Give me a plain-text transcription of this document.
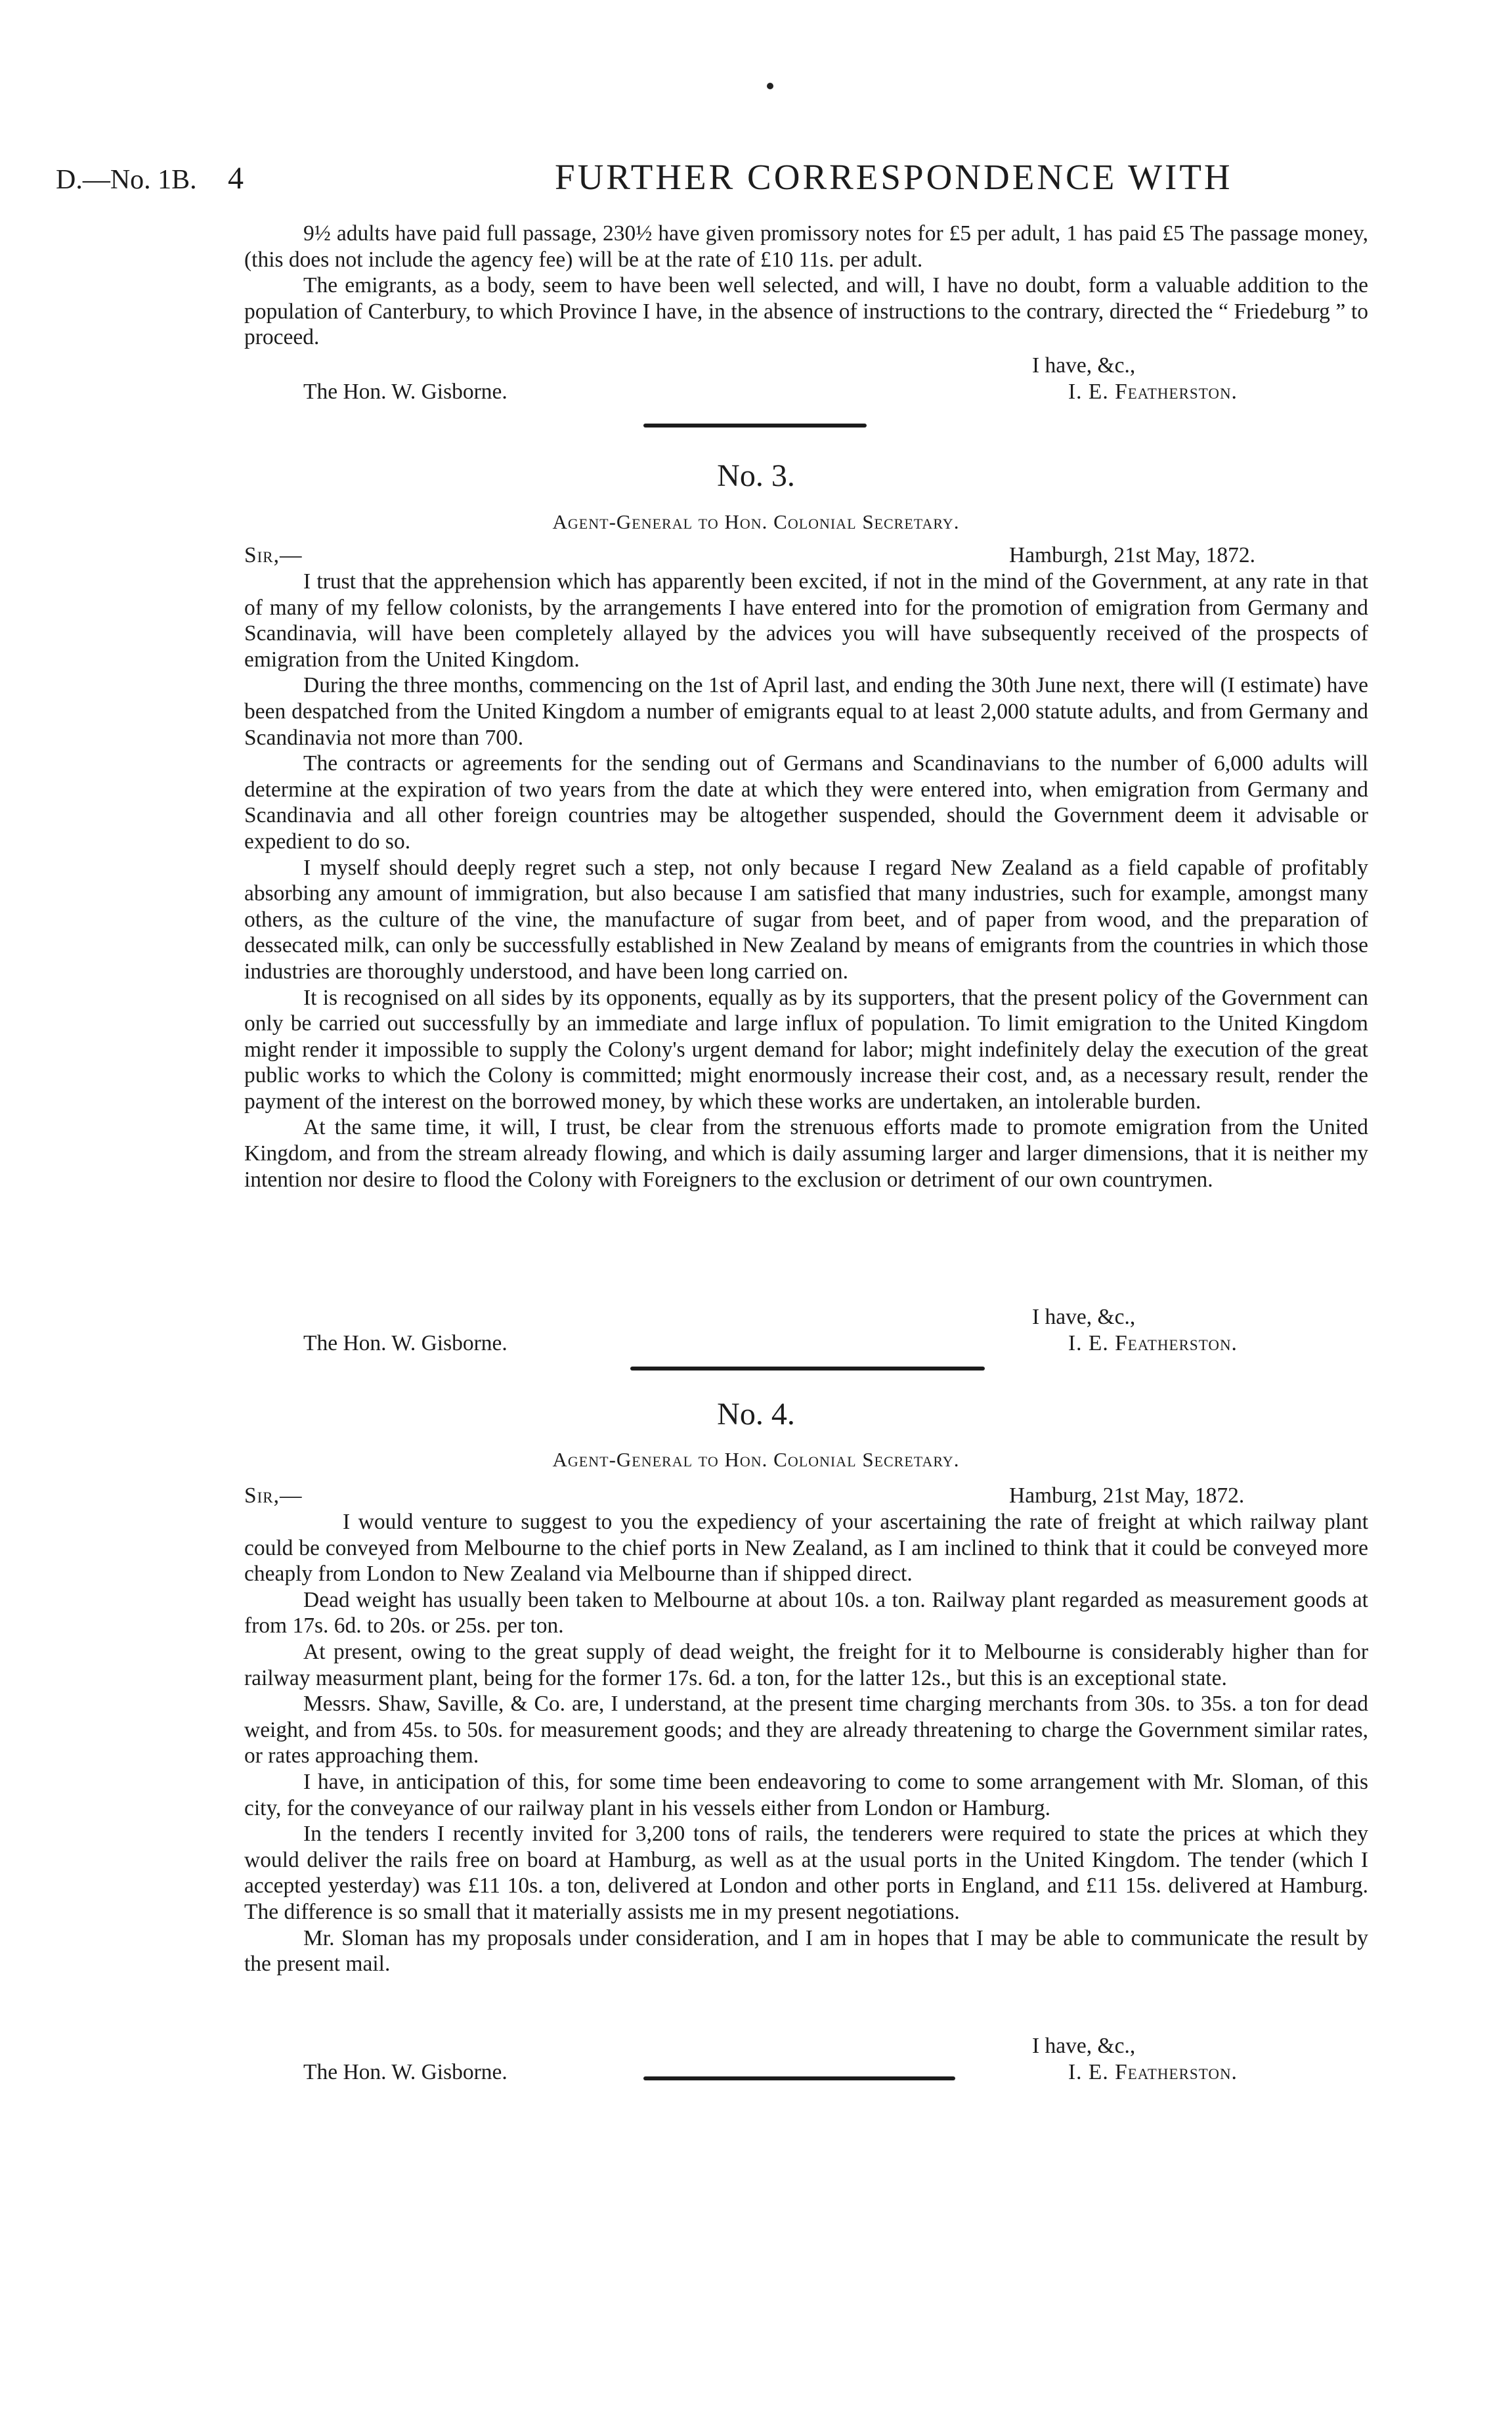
D.—No. 1B. 4	FURTHER CORRESPONDENCE WITH

9½ adults have paid full passage, 230½ have given promissory notes for £5 per adult, 1 has paid £5 The passage money, (this does not include the agency fee) will be at the rate of £10 11s. per adult.

The emigrants, as a body, seem to have been well selected, and will, I have no doubt, form a valuable addition to the population of Canterbury, to which Province I have, in the absence of instructions to the contrary, directed the “ Friedeburg ” to proceed.

I have, &c.,
The Hon. W. Gisborne.	I. E. Featherston.
No. 3.
Agent-General to Hon. Colonial Secretary.
Sir,—	Hamburgh, 21st May, 1872.

I trust that the apprehension which has apparently been excited, if not in the mind of the Government, at any rate in that of many of my fellow colonists, by the arrangements I have entered into for the promotion of emigration from Germany and Scandinavia, will have been completely allayed by the advices you will have subsequently received of the prospects of emigration from the United Kingdom.

During the three months, commencing on the 1st of April last, and ending the 30th June next, there will (I estimate) have been despatched from the United Kingdom a number of emigrants equal to at least 2,000 statute adults, and from Germany and Scandinavia not more than 700.

The contracts or agreements for the sending out of Germans and Scandinavians to the number of 6,000 adults will determine at the expiration of two years from the date at which they were entered into, when emigration from Germany and Scandinavia and all other foreign countries may be altogether suspended, should the Government deem it advisable or expedient to do so.

I myself should deeply regret such a step, not only because I regard New Zealand as a field capable of profitably absorbing any amount of immigration, but also because I am satisfied that many industries, such for example, amongst many others, as the culture of the vine, the manufacture of sugar from beet, and of paper from wood, and the preparation of dessecated milk, can only be successfully established in New Zealand by means of emigrants from the countries in which those industries are thoroughly understood, and have been long carried on.

It is recognised on all sides by its opponents, equally as by its supporters, that the present policy of the Government can only be carried out successfully by an immediate and large influx of population. To limit emigration to the United Kingdom might render it impossible to supply the Colony's urgent demand for labor; might indefinitely delay the execution of the great public works to which the Colony is committed; might enormously increase their cost, and, as a necessary result, render the payment of the interest on the borrowed money, by which these works are undertaken, an intolerable burden.

At the same time, it will, I trust, be clear from the strenuous efforts made to promote emigration from the United Kingdom, and from the stream already flowing, and which is daily assuming larger and larger dimensions, that it is neither my intention nor desire to flood the Colony with Foreigners to the exclusion or detriment of our own countrymen.

I have, &c.,
The Hon. W. Gisborne.	I. E. Featherston.
No. 4.
Agent-General to Hon. Colonial Secretary.
Sir,—	Hamburg, 21st May, 1872.

I would venture to suggest to you the expediency of your ascertaining the rate of freight at which railway plant could be conveyed from Melbourne to the chief ports in New Zealand, as I am inclined to think that it could be conveyed more cheaply from London to New Zealand via Melbourne than if shipped direct.

Dead weight has usually been taken to Melbourne at about 10s. a ton. Railway plant regarded as measurement goods at from 17s. 6d. to 20s. or 25s. per ton.

At present, owing to the great supply of dead weight, the freight for it to Melbourne is considerably higher than for railway measurment plant, being for the former 17s. 6d. a ton, for the latter 12s., but this is an exceptional state.

Messrs. Shaw, Saville, & Co. are, I understand, at the present time charging merchants from 30s. to 35s. a ton for dead weight, and from 45s. to 50s. for measurement goods; and they are already threatening to charge the Government similar rates, or rates approaching them.

I have, in anticipation of this, for some time been endeavoring to come to some arrangement with Mr. Sloman, of this city, for the conveyance of our railway plant in his vessels either from London or Hamburg.

In the tenders I recently invited for 3,200 tons of rails, the tenderers were required to state the prices at which they would deliver the rails free on board at Hamburg, as well as at the usual ports in the United Kingdom. The tender (which I accepted yesterday) was £11 10s. a ton, delivered at London and other ports in England, and £11 15s. delivered at Hamburg. The difference is so small that it materially assists me in my present negotiations.

Mr. Sloman has my proposals under consideration, and I am in hopes that I may be able to communicate the result by the present mail.

I have, &c.,
The Hon. W. Gisborne.	I. E. Featherston.
